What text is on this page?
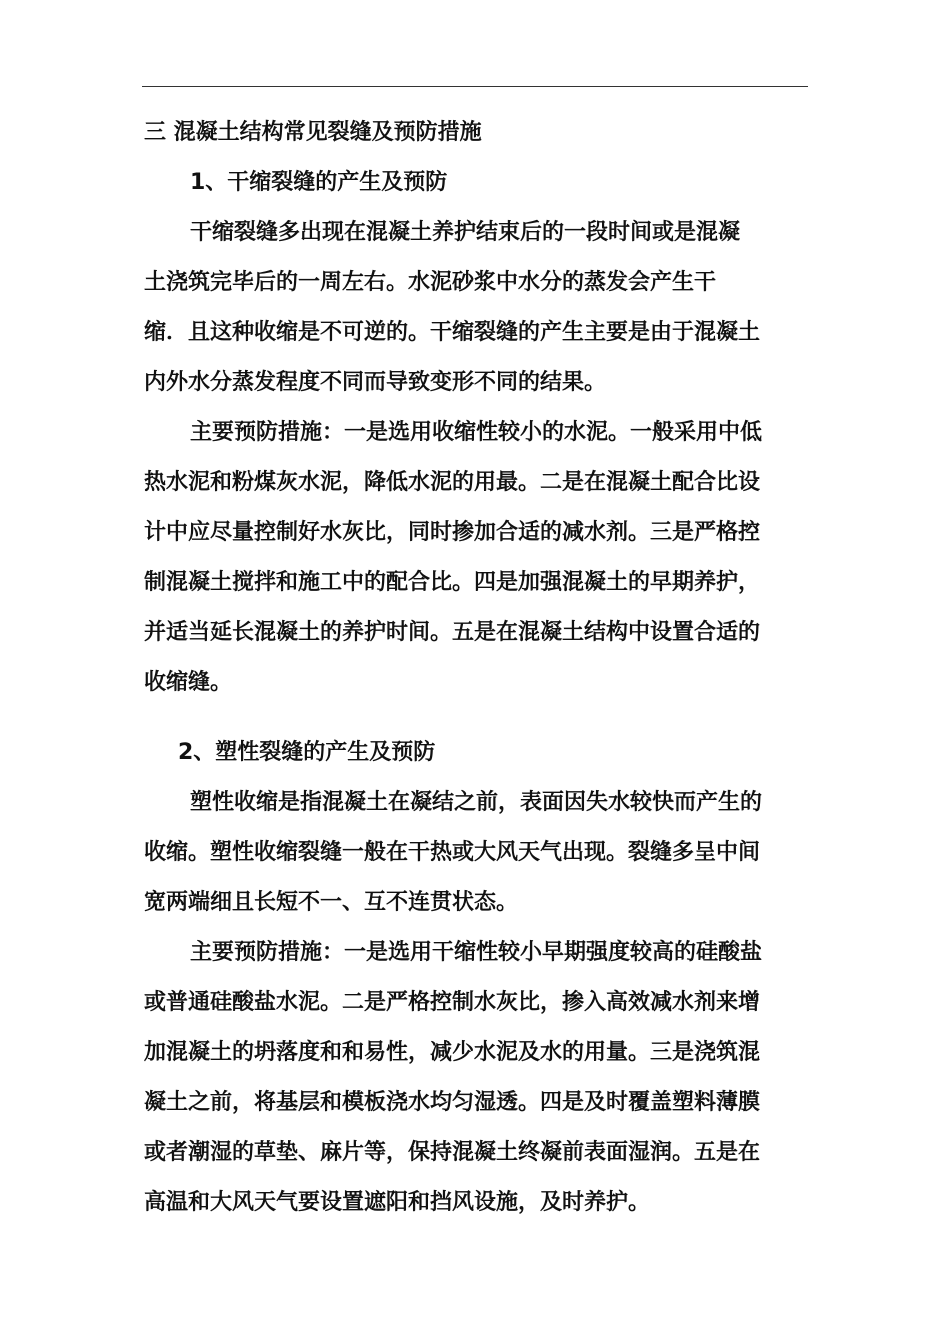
三 混凝土结构常见裂缝及预防措施
1、干缩裂缝的产生及预防
干缩裂缝多出现在混凝土养护结束后的一段时间或是混凝
土浇筑完毕后的一周左右。水泥砂浆中水分的蒸发会产生干
缩．且这种收缩是不可逆的。干缩裂缝的产生主要是由于混凝土
内外水分蒸发程度不同而导致变形不同的结果。
主要预防措施：一是选用收缩性较小的水泥。一般采用中低
热水泥和粉煤灰水泥，降低水泥的用最。二是在混凝土配合比设
计中应尽量控制好水灰比，同时掺加合适的减水剂。三是严格控
制混凝土搅拌和施工中的配合比。四是加强混凝土的早期养护，
并适当延长混凝土的养护时间。五是在混凝土结构中设置合适的
收缩缝。
2、塑性裂缝的产生及预防
塑性收缩是指混凝土在凝结之前，表面因失水较快而产生的
收缩。塑性收缩裂缝一般在干热或大风天气出现。裂缝多呈中间
宽两端细且长短不一、互不连贯状态。
主要预防措施：一是选用干缩性较小早期强度较高的硅酸盐
或普通硅酸盐水泥。二是严格控制水灰比，掺入高效减水剂来增
加混凝土的坍落度和和易性，减少水泥及水的用量。三是浇筑混
凝土之前，将基层和模板浇水均匀湿透。四是及时覆盖塑料薄膜
或者潮湿的草垫、麻片等，保持混凝土终凝前表面湿润。五是在
高温和大风天气要设置遮阳和挡风设施，及时养护。
